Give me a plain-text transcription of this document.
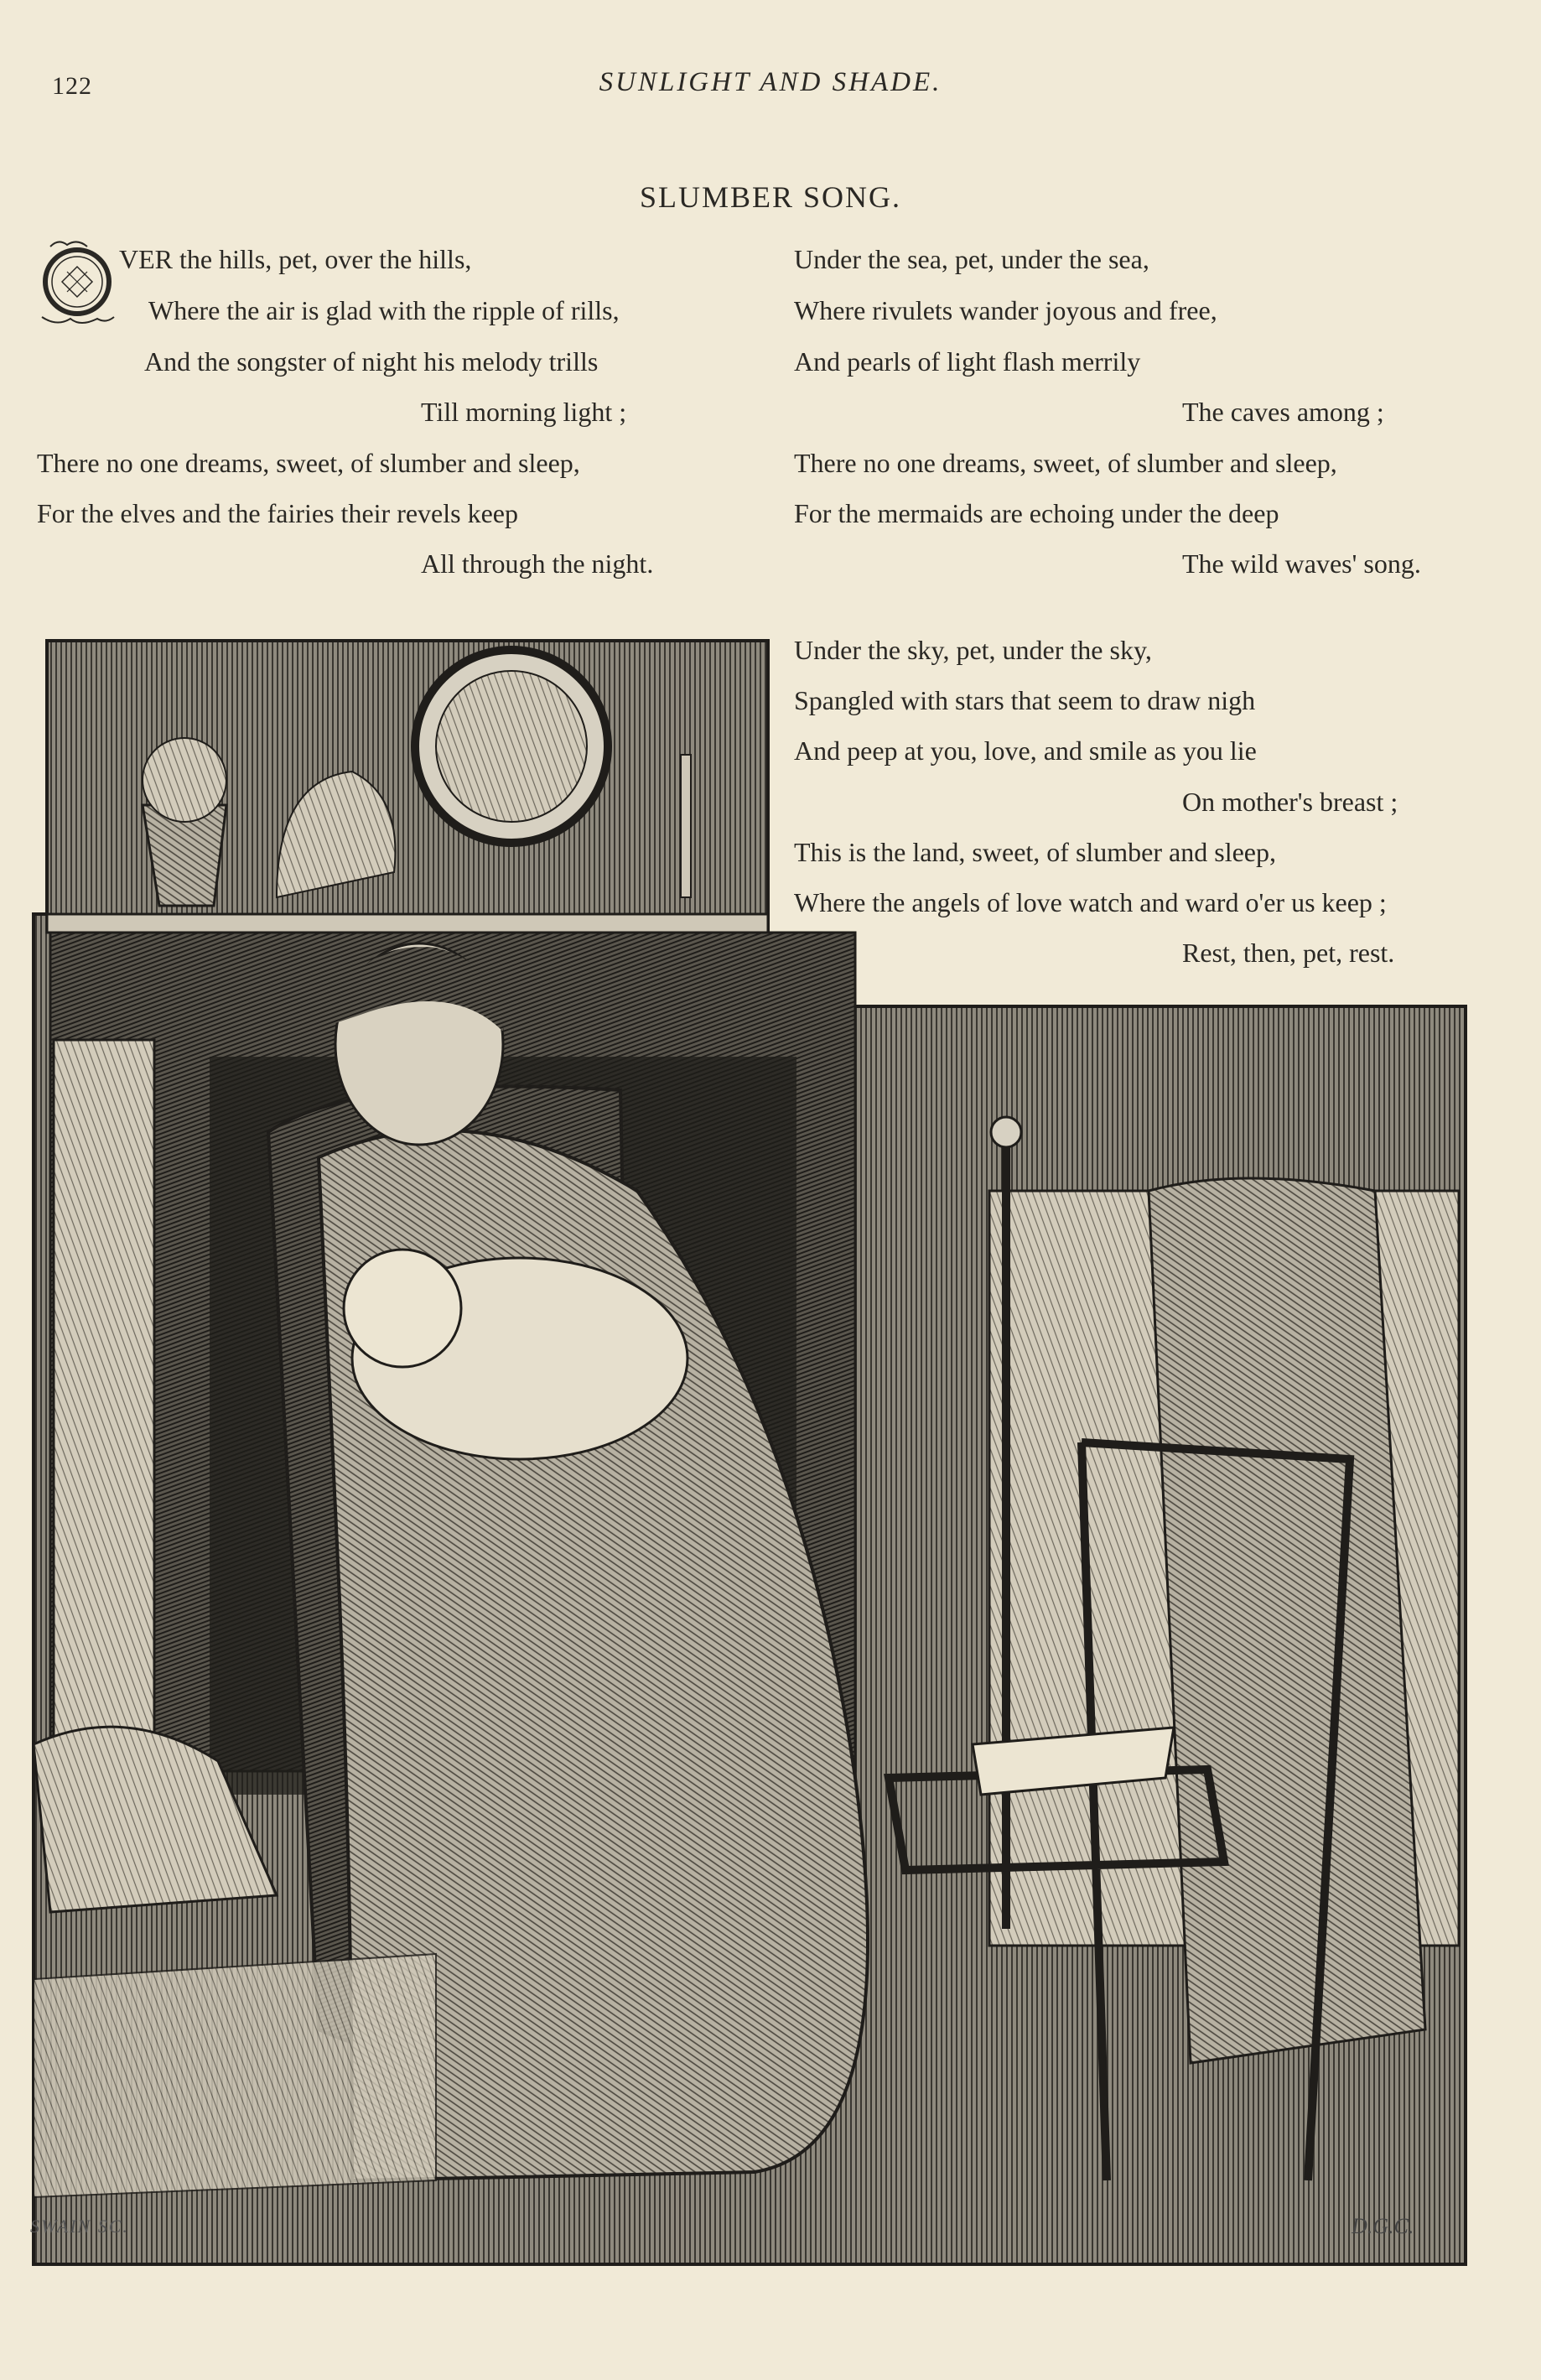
122	SUNLIGHT AND SHADE.
SLUMBER SONG.
VER the hills, pet, over the hills,
Where the air is glad with the ripple of rills,
And the songster of night his melody trills
Till morning light ;
There no one dreams, sweet, of slumber and sleep,
For the elves and the fairies their revels keep
All through the night.
Under the sea, pet, under the sea,
Where rivulets wander joyous and free,
And pearls of light flash merrily
The caves among ;
There no one dreams, sweet, of slumber and sleep,
For the mermaids are echoing under the deep
The wild waves' song.
Under the sky, pet, under the sky,
Spangled with stars that seem to draw nigh
And peep at you, love, and smile as you lie
On mother's breast ;
This is the land, sweet, of slumber and sleep,
Where the angels of love watch and ward o'er us keep ;
Rest, then, pet, rest.
SWAIN SC.	D.G.C.
